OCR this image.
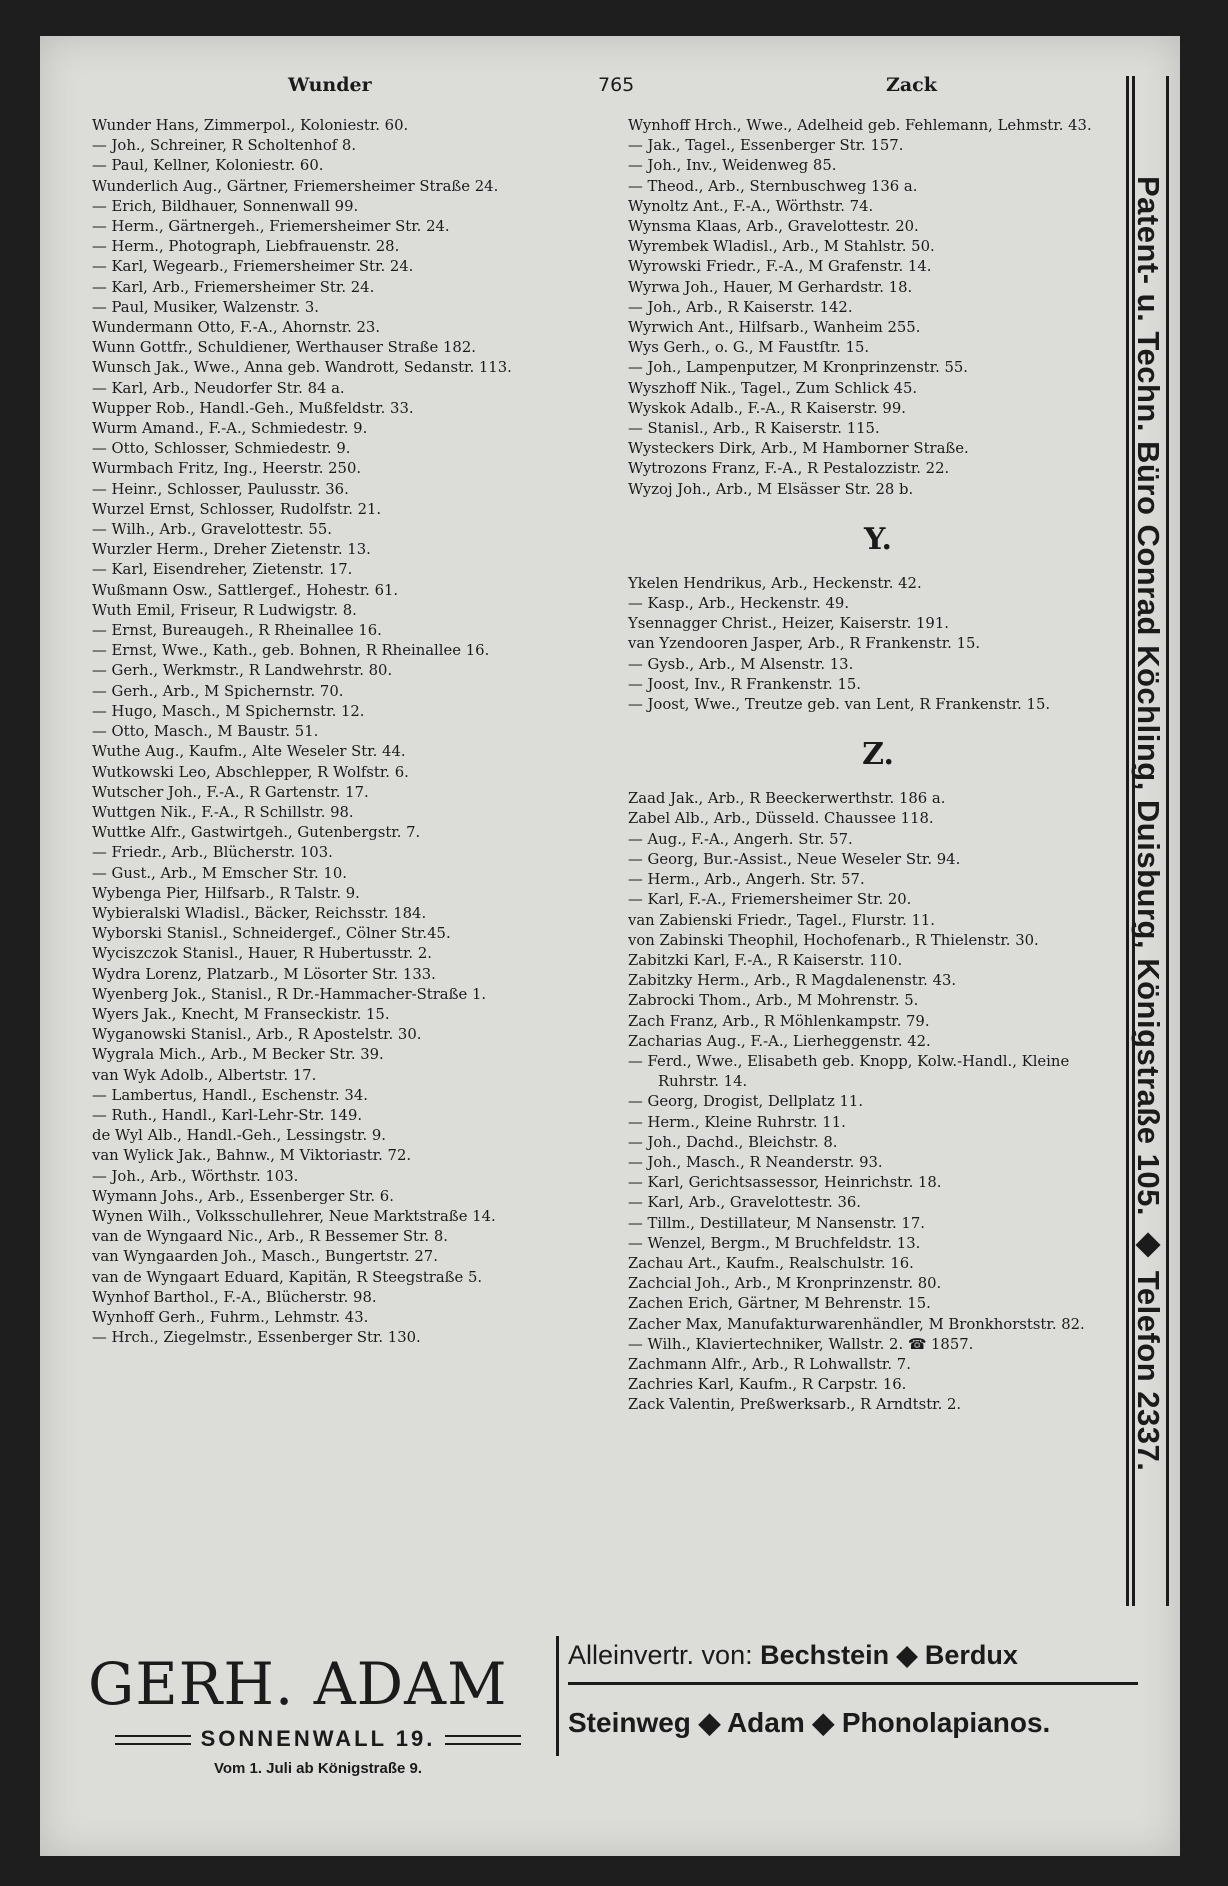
Wunder	765	Zack
Wunder Hans, Zimmerpol., Koloniestr. 60.
— Joh., Schreiner, R Scholtenhof 8.
— Paul, Kellner, Koloniestr. 60.
Wunderlich Aug., Gärtner, Friemersheimer Straße 24.
— Erich, Bildhauer, Sonnenwall 99.
— Herm., Gärtnergeh., Friemersheimer Str. 24.
— Herm., Photograph, Liebfrauenstr. 28.
— Karl, Wegearb., Friemersheimer Str. 24.
— Karl, Arb., Friemersheimer Str. 24.
— Paul, Musiker, Walzenstr. 3.
Wundermann Otto, F.-A., Ahornstr. 23.
Wunn Gottfr., Schuldiener, Werthauser Straße 182.
Wunsch Jak., Wwe., Anna geb. Wandrott, Sedanstr. 113.
— Karl, Arb., Neudorfer Str. 84 a.
Wupper Rob., Handl.-Geh., Mußfeldstr. 33.
Wurm Amand., F.-A., Schmiedestr. 9.
— Otto, Schlosser, Schmiedestr. 9.
Wurmbach Fritz, Ing., Heerstr. 250.
— Heinr., Schlosser, Paulusstr. 36.
Wurzel Ernst, Schlosser, Rudolfstr. 21.
— Wilh., Arb., Gravelottestr. 55.
Wurzler Herm., Dreher Zietenstr. 13.
— Karl, Eisendreher, Zietenstr. 17.
Wußmann Osw., Sattlergef., Hohestr. 61.
Wuth Emil, Friseur, R Ludwigstr. 8.
— Ernst, Bureaugeh., R Rheinallee 16.
— Ernst, Wwe., Kath., geb. Bohnen, R Rheinallee 16.
— Gerh., Werkmstr., R Landwehrstr. 80.
— Gerh., Arb., M Spichernstr. 70.
— Hugo, Masch., M Spichernstr. 12.
— Otto, Masch., M Baustr. 51.
Wuthe Aug., Kaufm., Alte Weseler Str. 44.
Wutkowski Leo, Abschlepper, R Wolfstr. 6.
Wutscher Joh., F.-A., R Gartenstr. 17.
Wuttgen Nik., F.-A., R Schillstr. 98.
Wuttke Alfr., Gastwirtgeh., Gutenbergstr. 7.
— Friedr., Arb., Blücherstr. 103.
— Gust., Arb., M Emscher Str. 10.
Wybenga Pier, Hilfsarb., R Talstr. 9.
Wybieralski Wladisl., Bäcker, Reichsstr. 184.
Wyborski Stanisl., Schneidergef., Cölner Str.45.
Wyciszczok Stanisl., Hauer, R Hubertusstr. 2.
Wydra Lorenz, Platzarb., M Lösorter Str. 133.
Wyenberg Jok., Stanisl., R Dr.-Hammacher-Straße 1.
Wyers Jak., Knecht, M Franseckistr. 15.
Wyganowski Stanisl., Arb., R Apostelstr. 30.
Wygrala Mich., Arb., M Becker Str. 39.
van Wyk Adolb., Albertstr. 17.
— Lambertus, Handl., Eschenstr. 34.
— Ruth., Handl., Karl-Lehr-Str. 149.
de Wyl Alb., Handl.-Geh., Lessingstr. 9.
van Wylick Jak., Bahnw., M Viktoriastr. 72.
— Joh., Arb., Wörthstr. 103.
Wymann Johs., Arb., Essenberger Str. 6.
Wynen Wilh., Volksschullehrer, Neue Marktstraße 14.
van de Wyngaard Nic., Arb., R Bessemer Str. 8.
van Wyngaarden Joh., Masch., Bungertstr. 27.
van de Wyngaart Eduard, Kapitän, R Steegstraße 5.
Wynhof Barthol., F.-A., Blücherstr. 98.
Wynhoff Gerh., Fuhrm., Lehmstr. 43.
— Hrch., Ziegelmstr., Essenberger Str. 130.
Wynhoff Hrch., Wwe., Adelheid geb. Fehlemann, Lehmstr. 43.
— Jak., Tagel., Essenberger Str. 157.
— Joh., Inv., Weidenweg 85.
— Theod., Arb., Sternbuschweg 136 a.
Wynoltz Ant., F.-A., Wörthstr. 74.
Wynsma Klaas, Arb., Gravelottestr. 20.
Wyrembek Wladisl., Arb., M Stahlstr. 50.
Wyrowski Friedr., F.-A., M Grafenstr. 14.
Wyrwa Joh., Hauer, M Gerhardstr. 18.
— Joh., Arb., R Kaiserstr. 142.
Wyrwich Ant., Hilfsarb., Wanheim 255.
Wys Gerh., o. G., M Faustſtr. 15.
— Joh., Lampenputzer, M Kronprinzenstr. 55.
Wyszhoff Nik., Tagel., Zum Schlick 45.
Wyskok Adalb., F.-A., R Kaiserstr. 99.
— Stanisl., Arb., R Kaiserstr. 115.
Wysteckers Dirk, Arb., M Hamborner Straße.
Wytrozons Franz, F.-A., R Pestalozzistr. 22.
Wyzoj Joh., Arb., M Elsässer Str. 28 b.
Y.
Ykelen Hendrikus, Arb., Heckenstr. 42.
— Kasp., Arb., Heckenstr. 49.
Ysennagger Christ., Heizer, Kaiserstr. 191.
van Yzendooren Jasper, Arb., R Frankenstr. 15.
— Gysb., Arb., M Alsenstr. 13.
— Joost, Inv., R Frankenstr. 15.
— Joost, Wwe., Treutze geb. van Lent, R Frankenstr. 15.
Z.
Zaad Jak., Arb., R Beeckerwerthstr. 186 a.
Zabel Alb., Arb., Düsseld. Chaussee 118.
— Aug., F.-A., Angerh. Str. 57.
— Georg, Bur.-Assist., Neue Weseler Str. 94.
— Herm., Arb., Angerh. Str. 57.
— Karl, F.-A., Friemersheimer Str. 20.
van Zabienski Friedr., Tagel., Flurstr. 11.
von Zabinski Theophil, Hochofenarb., R Thielenstr. 30.
Zabitzki Karl, F.-A., R Kaiserstr. 110.
Zabitzky Herm., Arb., R Magdalenenstr. 43.
Zabrocki Thom., Arb., M Mohrenstr. 5.
Zach Franz, Arb., R Möhlenkampstr. 79.
Zacharias Aug., F.-A., Lierheggenstr. 42.
— Ferd., Wwe., Elisabeth geb. Knopp, Kolw.-Handl., Kleine Ruhrstr. 14.
— Georg, Drogist, Dellplatz 11.
— Herm., Kleine Ruhrstr. 11.
— Joh., Dachd., Bleichstr. 8.
— Joh., Masch., R Neanderstr. 93.
— Karl, Gerichtsassessor, Heinrichstr. 18.
— Karl, Arb., Gravelottestr. 36.
— Tillm., Destillateur, M Nansenstr. 17.
— Wenzel, Bergm., M Bruchfeldstr. 13.
Zachau Art., Kaufm., Realschulstr. 16.
Zachcial Joh., Arb., M Kronprinzenstr. 80.
Zachen Erich, Gärtner, M Behrenstr. 15.
Zacher Max, Manufakturwarenhändler, M Bronkhorststr. 82.
— Wilh., Klaviertechniker, Wallstr. 2. ☎ 1857.
Zachmann Alfr., Arb., R Lohwallstr. 7.
Zachries Karl, Kaufm., R Carpstr. 16.
Zack Valentin, Preßwerksarb., R Arndtstr. 2.	Patent- u. Techn. Büro Conrad Köchling, Duisburg, Königstraße 105. ◆ Telefon 2337.
GERH. ADAM
SONNENWALL 19.
Vom 1. Juli ab Königstraße 9.
Alleinvertr. von: Bechstein ◆ Berdux
Steinweg ◆ Adam ◆ Phonolapianos.
